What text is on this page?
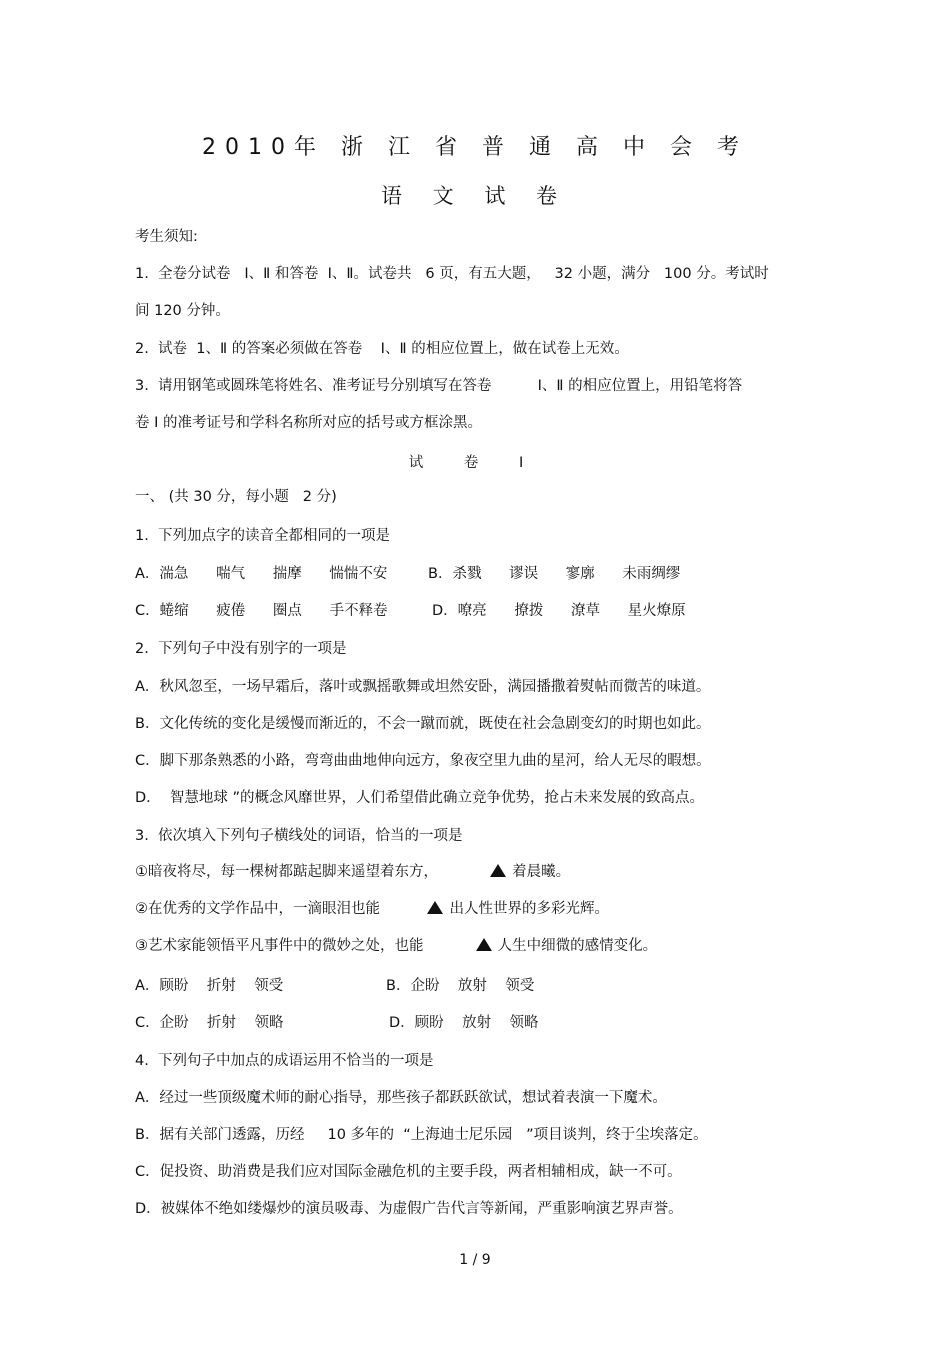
2010年 浙 江 省 普 通 高 中 会 考
语 文 试 卷
考生须知:
1.  全卷分试卷   Ⅰ、Ⅱ 和答卷  Ⅰ、Ⅱ。试卷共   6 页，有五大题，   32 小题，满分   100 分。考试时
间 120 分钟。
2.  试卷  1、Ⅱ 的答案必须做在答卷    Ⅰ、Ⅱ 的相应位置上，做在试卷上无效。
3.  请用钢笔或圆珠笔将姓名、准考证号分别填写在答卷          Ⅰ、Ⅱ 的相应位置上，用铅笔将答
卷 Ⅰ 的准考证号和学科名称所对应的括号或方框涂黑。
试 卷 Ⅰ
一、 (共 30 分，每小题   2 分)
1.  下列加点字的读音全都相同的一项是
A．湍急      喘气      揣摩      惴惴不安	B．杀戮      谬误      寥廓      未雨绸缪
C．蜷缩      疲倦      圈点      手不释卷	D．嘹亮      撩拨      潦草      星火燎原
2.  下列句子中没有别字的一项是
A．秋风忽至，一场早霜后，落叶或飘摇歌舞或坦然安卧，满园播撒着熨帖而微苦的味道。
B．文化传统的变化是缓慢而渐近的，不会一蹴而就，既使在社会急剧变幻的时期也如此。
C．脚下那条熟悉的小路，弯弯曲曲地伸向远方，象夜空里九曲的星河，给人无尽的暇想。
D．  智慧地球 ”的概念风靡世界，人们希望借此确立竞争优势，抢占未来发展的致高点。
3.  依次填入下列句子横线处的词语，恰当的一项是
①暗夜将尽，每一棵树都踮起脚来遥望着东方，	着晨曦。
②在优秀的文学作品中，一滴眼泪也能	出人性世界的多彩光辉。
③艺术家能领悟平凡事件中的微妙之处，也能	人生中细微的感情变化。
A．顾盼    折射    领受	B．企盼    放射    领受
C．企盼    折射    领略	D．顾盼    放射    领略
4.  下列句子中加点的成语运用不恰当的一项是
A．经过一些顶级魔术师的耐心指导，那些孩子都跃跃欲试，想试着表演一下魔术。
B．据有关部门透露，历经     10 多年的  “上海迪士尼乐园   ”项目谈判，终于尘埃落定。
C．促投资、助消费是我们应对国际金融危机的主要手段，两者相辅相成，缺一不可。
D．被媒体不绝如缕爆炒的演员吸毒、为虚假广告代言等新闻，严重影响演艺界声誉。
1 / 9
